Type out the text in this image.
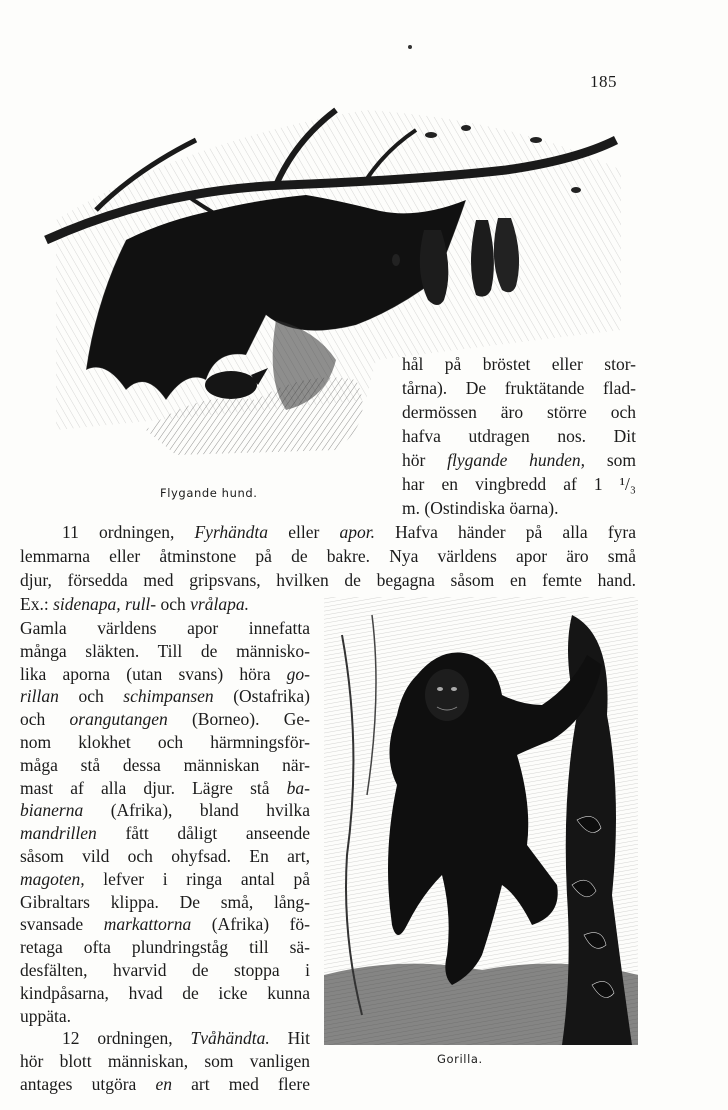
185
Flygande hund.
hål på bröstet eller stor-
tårna). De fruktätande flad-
dermössen äro större och
hafva utdragen nos. Dit
hör flygande hunden, som
har en vingbredd af 1 ¹/₃
m. (Ostindiska öarna).
11 ordningen, Fyrhändta eller apor. Hafva händer på alla fyra
lemmarna eller åtminstone på de bakre. Nya världens apor äro små
djur, försedda med gripsvans, hvilken de begagna såsom en femte hand.
Ex.: sidenapa, rull- och vrålapa.
Gorilla.
Gamla världens apor innefatta
många släkten. Till de människo-
lika aporna (utan svans) höra go-
rillan och schimpansen (Ostafrika)
och orangutangen (Borneo). Ge-
nom klokhet och härmningsför-
måga stå dessa människan när-
mast af alla djur. Lägre stå ba-
bianerna (Afrika), bland hvilka
mandrillen fått dåligt anseende
såsom vild och ohyfsad. En art,
magoten, lefver i ringa antal på
Gibraltars klippa. De små, lång-
svansade markattorna (Afrika) fö-
retaga ofta plundringståg till sä-
desfälten, hvarvid de stoppa i
kindpåsarna, hvad de icke kunna
uppäta.
12 ordningen, Tvåhändta. Hit
hör blott människan, som vanligen
antages utgöra en art med flere
